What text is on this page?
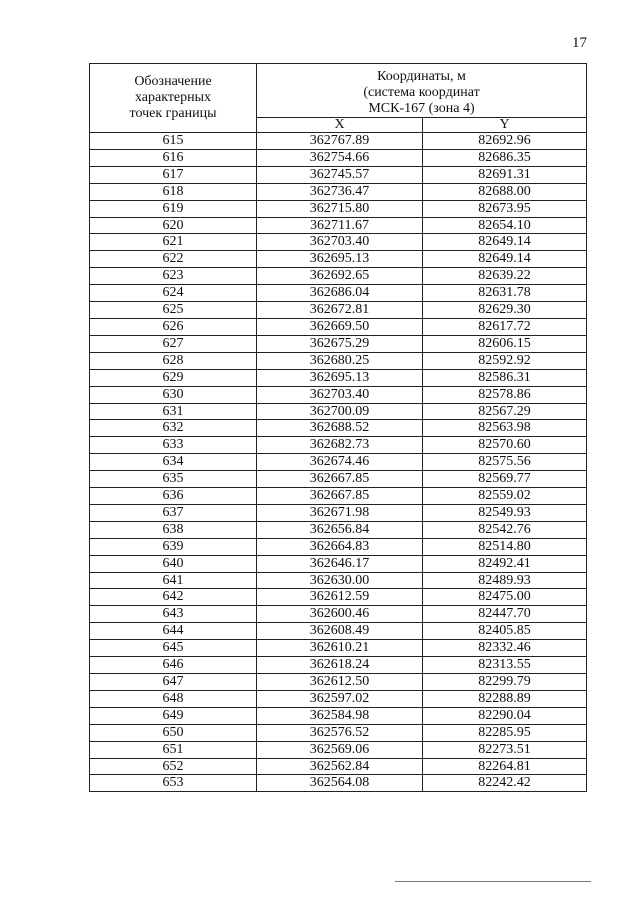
17
Обозначение
характерных
точек границы	Координаты, м
(система координат
МСК-167 (зона 4)	

	X	Y
615	362767.89	82692.96
616	362754.66	82686.35
617	362745.57	82691.31
618	362736.47	82688.00
619	362715.80	82673.95
620	362711.67	82654.10
621	362703.40	82649.14
622	362695.13	82649.14
623	362692.65	82639.22
624	362686.04	82631.78
625	362672.81	82629.30
626	362669.50	82617.72
627	362675.29	82606.15
628	362680.25	82592.92
629	362695.13	82586.31
630	362703.40	82578.86
631	362700.09	82567.29
632	362688.52	82563.98
633	362682.73	82570.60
634	362674.46	82575.56
635	362667.85	82569.77
636	362667.85	82559.02
637	362671.98	82549.93
638	362656.84	82542.76
639	362664.83	82514.80
640	362646.17	82492.41
641	362630.00	82489.93
642	362612.59	82475.00
643	362600.46	82447.70
644	362608.49	82405.85
645	362610.21	82332.46
646	362618.24	82313.55
647	362612.50	82299.79
648	362597.02	82288.89
649	362584.98	82290.04
650	362576.52	82285.95
651	362569.06	82273.51
652	362562.84	82264.81
653	362564.08	82242.42
